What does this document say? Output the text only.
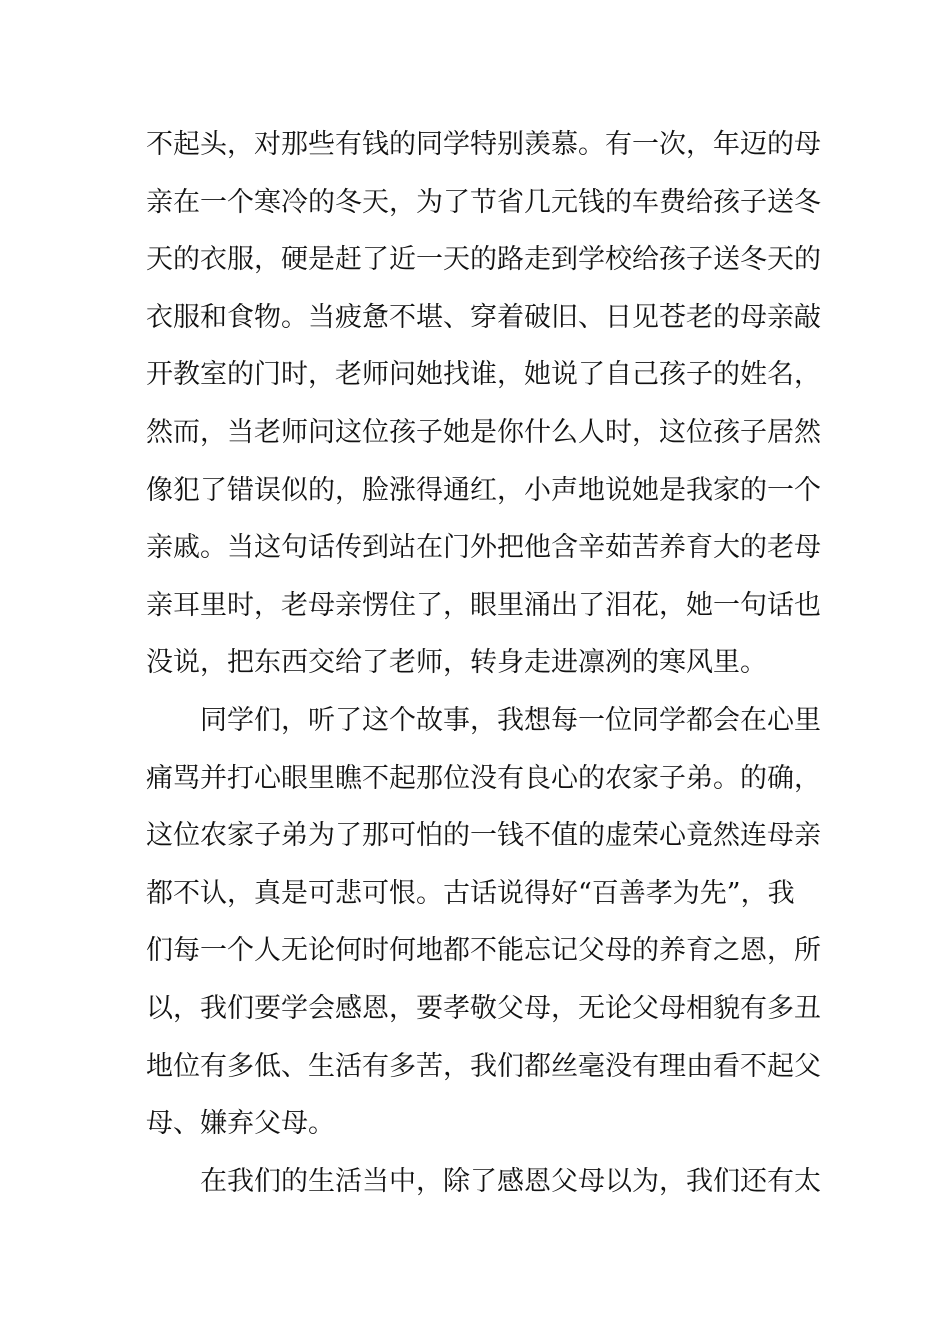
不起头，对那些有钱的同学特别羡慕。有一次，年迈的母
亲在一个寒冷的冬天，为了节省几元钱的车费给孩子送冬
天的衣服，硬是赶了近一天的路走到学校给孩子送冬天的
衣服和食物。当疲惫不堪、穿着破旧、日见苍老的母亲敲
开教室的门时，老师问她找谁，她说了自己孩子的姓名，
然而，当老师问这位孩子她是你什么人时，这位孩子居然
像犯了错误似的，脸涨得通红，小声地说她是我家的一个
亲戚。当这句话传到站在门外把他含辛茹苦养育大的老母
亲耳里时，老母亲愣住了，眼里涌出了泪花，她一句话也
没说，把东西交给了老师，转身走进凛冽的寒风里。
同学们，听了这个故事，我想每一位同学都会在心里
痛骂并打心眼里瞧不起那位没有良心的农家子弟。的确，
这位农家子弟为了那可怕的一钱不值的虚荣心竟然连母亲
都不认，真是可悲可恨。古话说得好“百善孝为先”，我
们每一个人无论何时何地都不能忘记父母的养育之恩，所
以，我们要学会感恩，要孝敬父母，无论父母相貌有多丑
地位有多低、生活有多苦，我们都丝毫没有理由看不起父
母、嫌弃父母。
在我们的生活当中，除了感恩父母以为，我们还有太
